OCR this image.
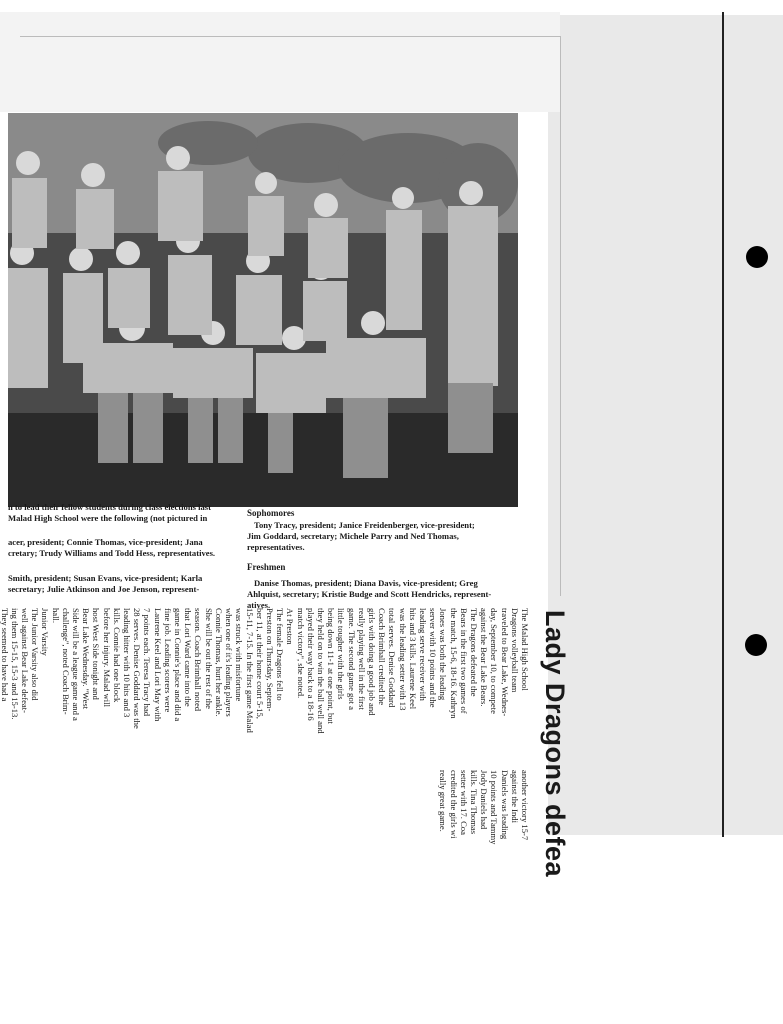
n to lead their fellow students during class elections last
Malad High School were the following (not pictured in
acer, president; Connie Thomas, vice-president; Jana
cretary; Trudy Williams and Todd Hess, representatives.
Smith, president; Susan Evans, vice-president; Karla
secretary; Julie Atkinson and Joe Jenson, represent-
Sophomores
Tony Tracy, president; Janice Freidenberger, vice-president;
Jim Goddard, secretary; Michele Parry and Ned Thomas,
representatives.
Freshmen
Danise Thomas, president; Diana Davis, vice-president; Greg
Ahlquist, secretary; Kristie Budge and Scott Hendricks, represent-
atives.
Lady Dragons defea
The Malad High School
Dragons volleyball team
traveled to Bear Lake, Wednes-
day, September 10, to compete
against the Bear Lake Bears.
The Dragons defeated the
Bears in the first two games of
the match, 15-6, 18-16. Kathryn
Jones was both the leading
server with 10 points and the
leading serve receiver with
hits and 3 kills. Laurene Keel
was the leading setter with 13
total serves. Denise Goddard
Coach Brimhall credited the
girls with doing a good job and
really playing well in the first
game. The second game got a
little tougher with the girls
being down 11-1 at one point, but
they held on to win the ball well and
played their way back to a 18-16
match victory", she noted.
At Preston
The female Dragons fell to
Preston on Thursday, Septem-
ber 11, at their home court 5-15,
15-11, 7-15. In the first game Malad
was struck with misfortune
when one of it's leading players
Connie Thomas, hurt her ankle.
She will be out the rest of the
season. Coach Brimhall noted
that Lori Ward came into the
game in Connie's place and did a
fine job. Leading scorers were
Laurene Keel and Lori May with
7 points each. Teresa Tracy had
28 serves. Denise Goddard was the
leading hitter with 10 hits and 3
kills. Connie had one block
before her injury. Malad will
host West Side tonight and
Bear Lake Wednesday. "West
Side will be a league game and a
challenge", noted Coach Brim-
hall.
Junior Varsity
The Junior Varsity also did
well against Bear Lake defeat-
ing them 15-15, 15-3 and 15-13.
They seemed to have had a
another victory 15-7
against the Indi
Daniels was leading
10 points and Tammy
Jody Daniels had
kills. Tina Thomas
setter with 17. Coa
credited the girls wi
really great game.
